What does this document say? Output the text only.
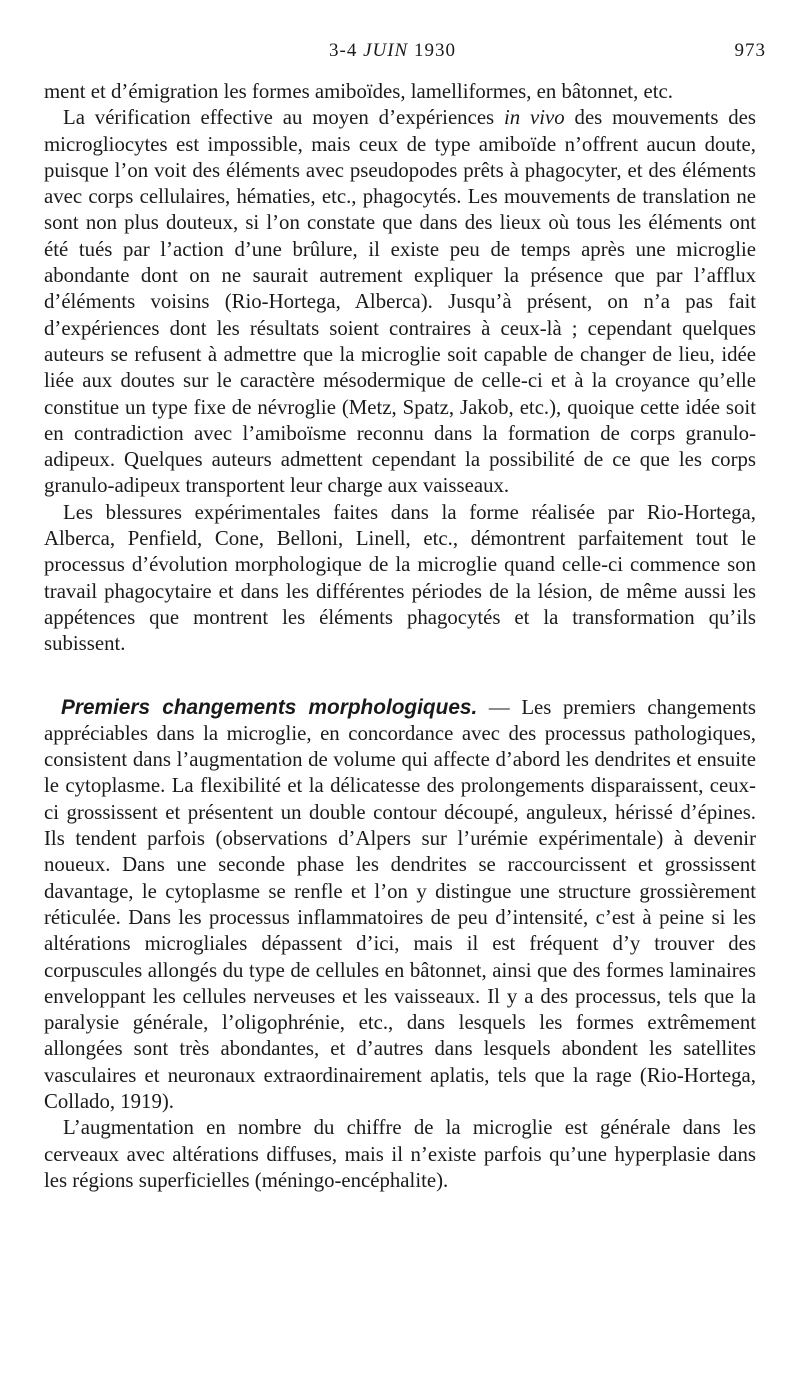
3-4 JUIN 1930	973

ment et d’émigration les formes amiboïdes, lamelliformes, en bâtonnet, etc.

La vérification effective au moyen d’expériences in vivo des mouvements des microgliocytes est impossible, mais ceux de type amiboïde n’offrent aucun doute, puisque l’on voit des éléments avec pseudopodes prêts à phagocyter, et des éléments avec corps cellulaires, hématies, etc., phagocytés. Les mouvements de translation ne sont non plus douteux, si l’on constate que dans des lieux où tous les éléments ont été tués par l’action d’une brûlure, il existe peu de temps après une microglie abondante dont on ne saurait autrement expliquer la présence que par l’afflux d’éléments voisins (Rio-Hortega, Alberca). Jusqu’à présent, on n’a pas fait d’expériences dont les résultats soient contraires à ceux-là ; cependant quelques auteurs se refusent à admettre que la microglie soit capable de changer de lieu, idée liée aux doutes sur le caractère mésodermique de celle-ci et à la croyance qu’elle constitue un type fixe de névroglie (Metz, Spatz, Jakob, etc.), quoique cette idée soit en contradiction avec l’amiboïsme reconnu dans la formation de corps granulo-adipeux. Quelques auteurs admettent cependant la possibilité de ce que les corps granulo-adipeux transportent leur charge aux vaisseaux.

Les blessures expérimentales faites dans la forme réalisée par Rio-Hortega, Alberca, Penfield, Cone, Belloni, Linell, etc., démontrent parfaitement tout le processus d’évolution morphologique de la microglie quand celle-ci commence son travail phagocytaire et dans les différentes périodes de la lésion, de même aussi les appétences que montrent les éléments phagocytés et la transformation qu’ils subissent.

Premiers changements morphologiques. — Les premiers changements appréciables dans la microglie, en concordance avec des processus pathologiques, consistent dans l’augmentation de volume qui affecte d’abord les dendrites et ensuite le cytoplasme. La flexibilité et la délicatesse des prolongements disparaissent, ceux-ci grossissent et présentent un double contour découpé, anguleux, hérissé d’épines. Ils tendent parfois (observations d’Alpers sur l’urémie expérimentale) à devenir noueux. Dans une seconde phase les dendrites se raccourcissent et grossissent davantage, le cytoplasme se renfle et l’on y distingue une structure grossièrement réticulée. Dans les processus inflammatoires de peu d’intensité, c’est à peine si les altérations microgliales dépassent d’ici, mais il est fréquent d’y trouver des corpuscules allongés du type de cellules en bâtonnet, ainsi que des formes laminaires enveloppant les cellules nerveuses et les vaisseaux. Il y a des processus, tels que la paralysie générale, l’oligophrénie, etc., dans lesquels les formes extrêmement allongées sont très abondantes, et d’autres dans lesquels abondent les satellites vasculaires et neuronaux extraordinairement aplatis, tels que la rage (Rio-Hortega, Collado, 1919).

L’augmentation en nombre du chiffre de la microglie est générale dans les cerveaux avec altérations diffuses, mais il n’existe parfois qu’une hyperplasie dans les régions superficielles (méningo-encéphalite).
